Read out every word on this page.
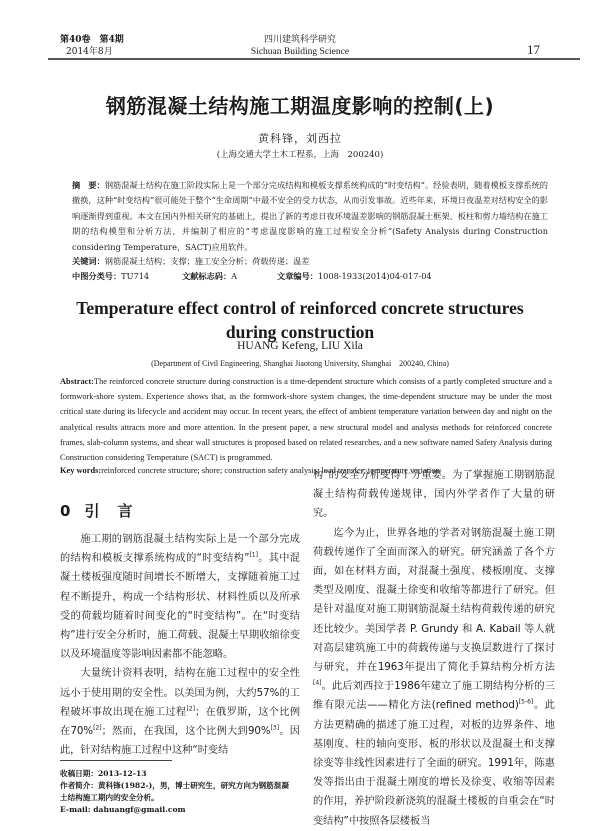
第40卷　第4期
2014年8月
四川建筑科学研究
Sichuan Building Science	17
钢筋混凝土结构施工期温度影响的控制(上)
黄科锋，刘西拉
(上海交通大学土木工程系，上海　200240)
摘　要：钢筋混凝土结构在施工阶段实际上是一个部分完成结构和模板支撑系统构成的“时变结构”。经验表明，随着模板支撑系统的撤换，这种“时变结构”很可能处于整个“生命周期”中最不安全的受力状态，从而引发事故。近些年来，环境日夜温差对结构安全的影响逐渐得到重视。本文在国内外相关研究的基础上，提出了新的考虑日夜环境温差影响的钢筋混凝土框架、板柱和剪力墙结构在施工期的结构模型和分析方法，并编制了相应的“考虑温度影响的施工过程安全分析”(Safety Analysis during Construction considering Temperature，SACT)应用软件。
关键词：钢筋混凝土结构；支撑；施工安全分析；荷载传递；温差
中图分类号：TU714	文献标志码：A	文章编号：1008-1933(2014)04-017-04
Temperature effect control of reinforced concrete structures
during construction
HUANG Kefeng, LIU Xila
(Department of Civil Engineering, Shanghai Jiaotong University, Shanghai　200240, China)
Abstract:The reinforced concrete structure during construction is a time-dependent structure which consists of a partly completed structure and a formwork-shore system. Experience shows that, as the formwork-shore system changes, the time-dependent structure may be under the most critical state during its lifecycle and accident may occur. In recent years, the effect of ambient temperature variation between day and night on the analytical results attracts more and more attention. In the present paper, a new structural model and analysis methods for reinforced concrete frames, slab-column systems, and shear wall structures is proposed based on related researches, and a new software named Safety Analysis during Construction considering Temperature (SACT) is programmed.
Key words:reinforced concrete structure; shore; construction safety analysis; load transfer; temperature variation
0 引 言

施工期的钢筋混凝土结构实际上是一个部分完成的结构和模板支撑系统构成的“时变结构”[1]。其中混凝土楼板强度随时间增长不断增大，支撑随着施工过程不断提升，构成一个结构形状、材料性质以及所承受的荷载均随着时间变化的“时变结构”。在“时变结构”进行安全分析时，施工荷载、混凝土早期收缩徐变以及环境温度等影响因素都不能忽略。

大量统计资料表明，结构在施工过程中的安全性远小于使用期的安全性。以美国为例，大约57%的工程破坏事故出现在施工过程[2]；在俄罗斯，这个比例在70%[2]；然而，在我国，这个比例大到90%[3]。因此，针对结构施工过程中这种“时变结

构”的安全分析变得十分重要。为了掌握施工期钢筋混凝土结构荷载传递规律，国内外学者作了大量的研究。

迄今为止，世界各地的学者对钢筋混凝土施工期荷载传递作了全面而深入的研究。研究涵盖了各个方面，如在材料方面，对混凝土强度、楼板刚度、支撑类型及刚度、混凝土徐变和收缩等都进行了研究。但是针对温度对施工期钢筋混凝土结构荷载传递的研究还比较少。美国学者 P. Grundy 和 A. Kabail 等人就对高层建筑施工中的荷载传递与支换层数进行了探讨与研究，并在1963年提出了简化手算结构分析方法[4]。此后刘西拉于1986年建立了施工期结构分析的三维有限元法——精化方法(refined method)[5-6]。此方法更精确的描述了施工过程，对板的边界条件、地基刚度、柱的轴向变形、板的形状以及混凝土和支撑徐变等非线性因素进行了全面的研究。1991年，陈惠发等指出由于混凝土刚度的增长及徐变、收缩等因素的作用，养护阶段新浇筑的混凝土楼板的自重会在“时变结构”中按照各层楼板当

收稿日期：2013-12-13

作者简介：黄科锋(1982-)，男，博士研究生，研究方向为钢筋混凝

土结构施工期内的安全分析。

E-mail: dahuangf@gmail.com
